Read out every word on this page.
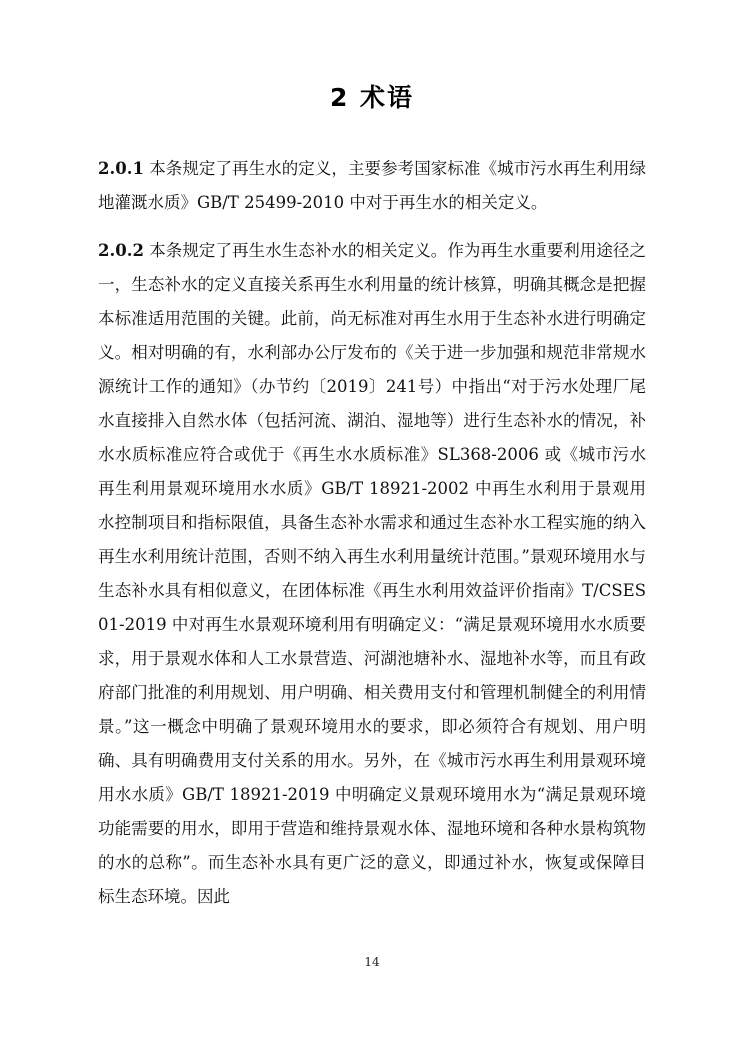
2 术语

2.0.1 本条规定了再生水的定义，主要参考国家标准《城市污水再生利用绿地灌溉水质》GB/T 25499-2010 中对于再生水的相关定义。

2.0.2 本条规定了再生水生态补水的相关定义。作为再生水重要利用途径之一，生态补水的定义直接关系再生水利用量的统计核算，明确其概念是把握本标准适用范围的关键。此前，尚无标准对再生水用于生态补水进行明确定义。相对明确的有，水利部办公厅发布的《关于进一步加强和规范非常规水源统计工作的通知》（办节约〔2019〕241号）中指出“对于污水处理厂尾水直接排入自然水体（包括河流、湖泊、湿地等）进行生态补水的情况，补水水质标准应符合或优于《再生水水质标准》SL368-2006 或《城市污水再生利用景观环境用水水质》GB/T 18921-2002 中再生水利用于景观用水控制项目和指标限值，具备生态补水需求和通过生态补水工程实施的纳入再生水利用统计范围，否则不纳入再生水利用量统计范围。”景观环境用水与生态补水具有相似意义，在团体标准《再生水利用效益评价指南》T/CSES 01-2019 中对再生水景观环境利用有明确定义：“满足景观环境用水水质要求，用于景观水体和人工水景营造、河湖池塘补水、湿地补水等，而且有政府部门批准的利用规划、用户明确、相关费用支付和管理机制健全的利用情景。”这一概念中明确了景观环境用水的要求，即必须符合有规划、用户明确、具有明确费用支付关系的用水。另外，在《城市污水再生利用景观环境用水水质》GB/T 18921-2019 中明确定义景观环境用水为“满足景观环境功能需要的用水，即用于营造和维持景观水体、湿地环境和各种水景构筑物的水的总称”。而生态补水具有更广泛的意义，即通过补水，恢复或保障目标生态环境。因此

14
